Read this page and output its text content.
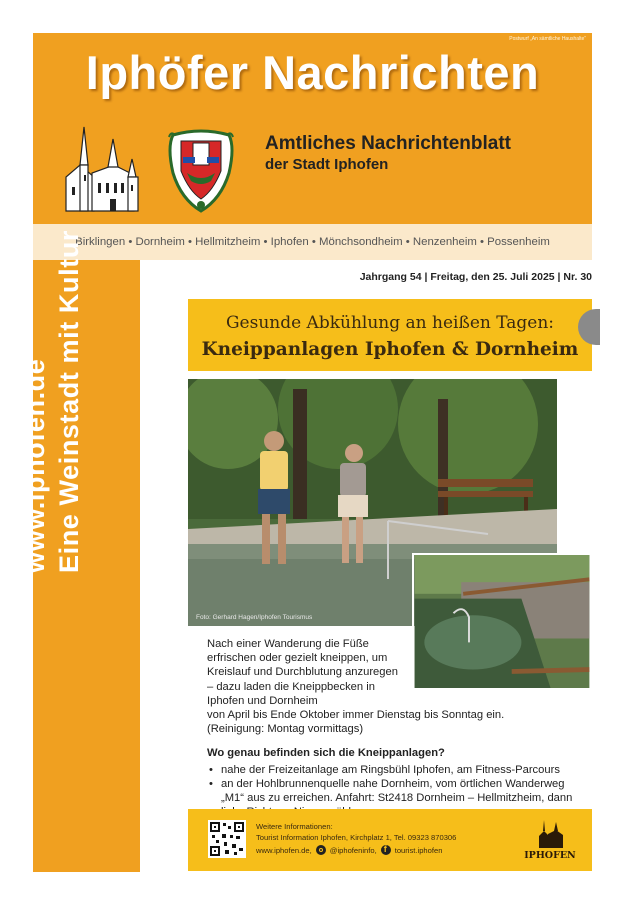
Postwurf „An sämtliche Haushalte“
Iphöfer Nachrichten
Amtliches Nachrichtenblatt
der Stadt Iphofen
Birklingen • Dornheim • Hellmitzheim • Iphofen • Mönchsondheim • Nenzenheim • Possenheim
www.iphofen.de Eine Weinstadt mit Kultur	Jahrgang 54 | Freitag, den 25. Juli 2025 | Nr. 30
Gesunde Abkühlung an heißen Tagen:
Kneippanlagen Iphofen & Dornheim
Foto: Gerhard Hagen/Iphofen Tourismus

Nach einer Wanderung die Füße erfrischen oder gezielt kneippen, um Kreislauf und Durchblutung anzuregen – dazu laden die Kneippbecken in Iphofen und Dornheim

von April bis Ende Oktober immer Dienstag bis Sonntag ein.

(Reinigung: Montag vormittags)

Wo genau befinden sich die Kneippanlagen?

• nahe der Freizeitanlage am Ringsbühl Iphofen, am Fitness-Parcours
• an der Hohlbrunnenquelle nahe Dornheim, vom örtlichen Wanderweg „M1“ aus zu erreichen. Anfahrt: St2418 Dornheim – Hellmitzheim, dann
Weitere Informationen:
Tourist Information Iphofen, Kirchplatz 1, Tel. 09323 870306
www.iphofen.de, @iphofeninfo,
f tourist.iphofen	IPHOFEN
